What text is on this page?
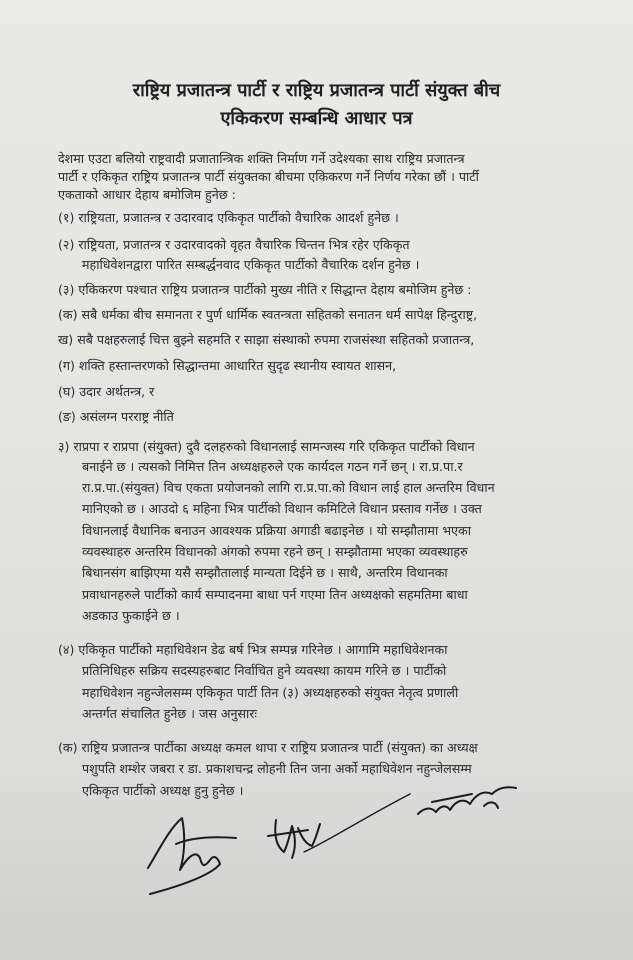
राष्ट्रिय प्रजातन्त्र पार्टी र राष्ट्रिय प्रजातन्त्र पार्टी संयुक्त बीच
एकिकरण सम्बन्धि आधार पत्र
देशमा एउटा बलियो राष्ट्रवादी प्रजातान्त्रिक शक्ति निर्माण गर्ने उदेश्यका साथ राष्ट्रिय प्रजातन्त्र
पार्टी र एकिकृत राष्ट्रिय प्रजातन्त्र पार्टी संयुक्तका बीचमा एकिकरण गर्ने निर्णय गरेका छौं । पार्टी
एकताको आधार देहाय बमोजिम हुनेछ :
(१) राष्ट्रियता, प्रजातन्त्र र उदारवाद एकिकृत पार्टीको वैचारिक आदर्श हुनेछ ।
(२) राष्ट्रियता, प्रजातन्त्र र उदारवादको वृहत वैचारिक चिन्तन भित्र रहेर एकिकृत
महाधिवेशनद्वारा पारित सम्बर्द्धनवाद एकिकृत पार्टीको वैचारिक दर्शन हुनेछ ।
(३) एकिकरण पश्चात राष्ट्रिय प्रजातन्त्र पार्टीको मुख्य नीति र सिद्धान्त देहाय बमोजिम हुनेछ :
(क) सबै धर्मका बीच समानता र पुर्ण धार्मिक स्वतन्त्रता सहितको सनातन धर्म सापेक्ष हिन्दुराष्ट्र,
ख) सबै पक्षहरुलाई चित्त बुझ्ने सहमति र साझा संस्थाको रुपमा राजसंस्था सहितको प्रजातन्त्र,
(ग) शक्ति हस्तान्तरणको सिद्धान्तमा आधारित सुदृढ स्थानीय स्वायत शासन,
(घ) उदार अर्थतन्त्र, र
(ङ) असंलग्न परराष्ट्र नीति
३) राप्रपा र राप्रपा (संयुक्त) दुवै दलहरुको विधानलाई सामन्जस्य गरि एकिकृत पार्टीको विधान
बनाईने छ । त्यसको निमित्त तिन अध्यक्षहरुले एक कार्यदल गठन गर्ने छन् । रा.प्र.पा.र
रा.प्र.पा.(संयुक्त) विच एकता प्रयोजनको लागि रा.प्र.पा.को विधान लाई हाल अन्तरिम विधान
मानिएको छ । आउदो ६ महिना भित्र पार्टीको विधान कमिटिले विधान प्रस्ताव गर्नेछ । उक्त
विधानलाई वैधानिक बनाउन आवश्यक प्रक्रिया अगाडी बढाइनेछ । यो सम्झौतामा भएका
व्यवस्थाहरु अन्तरिम विधानको अंगको रुपमा रहने छन् । सम्झौतामा भएका व्यवस्थाहरु
बिधानसंग बाझिएमा यसै सम्झौतालाई मान्यता दिईने छ । साथै, अन्तरिम विधानका
प्रवाधानहरुले पार्टीको कार्य सम्पादनमा बाधा पर्न गएमा तिन अध्यक्षको सहमतिमा बाधा
अडकाउ फुकाईने छ ।
(४) एकिकृत पार्टीको महाधिवेशन डेढ बर्ष भित्र सम्पन्न गरिनेछ । आगामि महाधिवेशनका
प्रतिनिधिहरु सक्रिय सदस्यहरुबाट निर्वाचित हुने व्यवस्था कायम गरिने छ । पार्टीको
महाधिवेशन नहुन्जेलसम्म एकिकृत पार्टी तिन (३) अध्यक्षहरुको संयुक्त नेतृत्व प्रणाली
अन्तर्गत संचालित हुनेछ । जस अनुसारः
(क) राष्ट्रिय प्रजातन्त्र पार्टीका अध्यक्ष कमल थापा र राष्ट्रिय प्रजातन्त्र पार्टी (संयुक्त) का अध्यक्ष
पशुपति शम्शेर जबरा र डा. प्रकाशचन्द्र लोहनी तिन जना अर्को महाधिवेशन नहुन्जेलसम्म
एकिकृत पार्टीको अध्यक्ष हुनु हुनेछ ।
